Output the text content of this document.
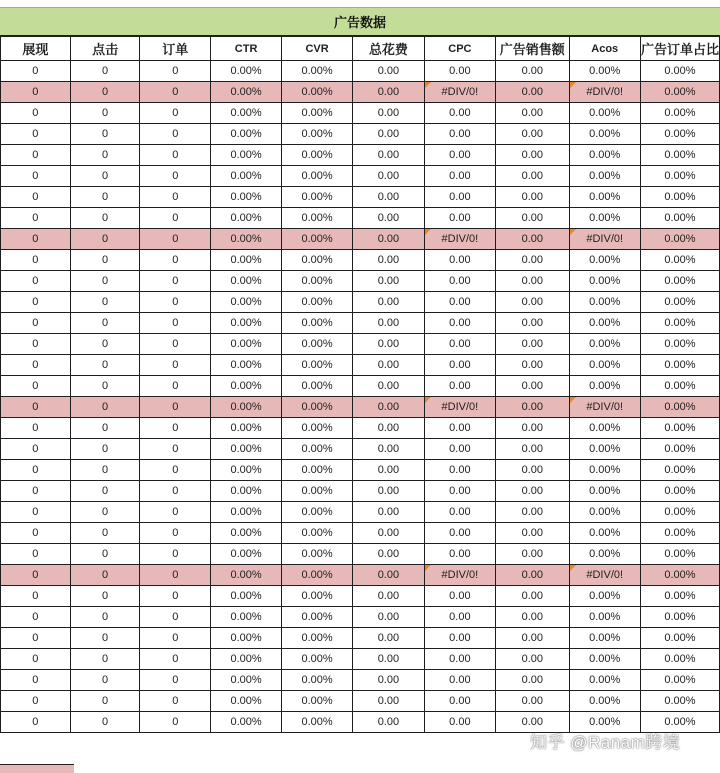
广告数据
展现	点击	订单	CTR	CVR	总花费	CPC	广告销售额	Acos	广告订单占比
0	0	0	0.00%	0.00%	0.00	0.00	0.00	0.00%	0.00%
0	0	0	0.00%	0.00%	0.00	#DIV/0!	0.00	#DIV/0!	0.00%
0	0	0	0.00%	0.00%	0.00	0.00	0.00	0.00%	0.00%
0	0	0	0.00%	0.00%	0.00	0.00	0.00	0.00%	0.00%
0	0	0	0.00%	0.00%	0.00	0.00	0.00	0.00%	0.00%
0	0	0	0.00%	0.00%	0.00	0.00	0.00	0.00%	0.00%
0	0	0	0.00%	0.00%	0.00	0.00	0.00	0.00%	0.00%
0	0	0	0.00%	0.00%	0.00	0.00	0.00	0.00%	0.00%
0	0	0	0.00%	0.00%	0.00	#DIV/0!	0.00	#DIV/0!	0.00%
0	0	0	0.00%	0.00%	0.00	0.00	0.00	0.00%	0.00%
0	0	0	0.00%	0.00%	0.00	0.00	0.00	0.00%	0.00%
0	0	0	0.00%	0.00%	0.00	0.00	0.00	0.00%	0.00%
0	0	0	0.00%	0.00%	0.00	0.00	0.00	0.00%	0.00%
0	0	0	0.00%	0.00%	0.00	0.00	0.00	0.00%	0.00%
0	0	0	0.00%	0.00%	0.00	0.00	0.00	0.00%	0.00%
0	0	0	0.00%	0.00%	0.00	0.00	0.00	0.00%	0.00%
0	0	0	0.00%	0.00%	0.00	#DIV/0!	0.00	#DIV/0!	0.00%
0	0	0	0.00%	0.00%	0.00	0.00	0.00	0.00%	0.00%
0	0	0	0.00%	0.00%	0.00	0.00	0.00	0.00%	0.00%
0	0	0	0.00%	0.00%	0.00	0.00	0.00	0.00%	0.00%
0	0	0	0.00%	0.00%	0.00	0.00	0.00	0.00%	0.00%
0	0	0	0.00%	0.00%	0.00	0.00	0.00	0.00%	0.00%
0	0	0	0.00%	0.00%	0.00	0.00	0.00	0.00%	0.00%
0	0	0	0.00%	0.00%	0.00	0.00	0.00	0.00%	0.00%
0	0	0	0.00%	0.00%	0.00	#DIV/0!	0.00	#DIV/0!	0.00%
0	0	0	0.00%	0.00%	0.00	0.00	0.00	0.00%	0.00%
0	0	0	0.00%	0.00%	0.00	0.00	0.00	0.00%	0.00%
0	0	0	0.00%	0.00%	0.00	0.00	0.00	0.00%	0.00%
0	0	0	0.00%	0.00%	0.00	0.00	0.00	0.00%	0.00%
0	0	0	0.00%	0.00%	0.00	0.00	0.00	0.00%	0.00%
0	0	0	0.00%	0.00%	0.00	0.00	0.00	0.00%	0.00%
0	0	0	0.00%	0.00%	0.00	0.00	0.00	0.00%	0.00%
知乎 @Ranam跨境
